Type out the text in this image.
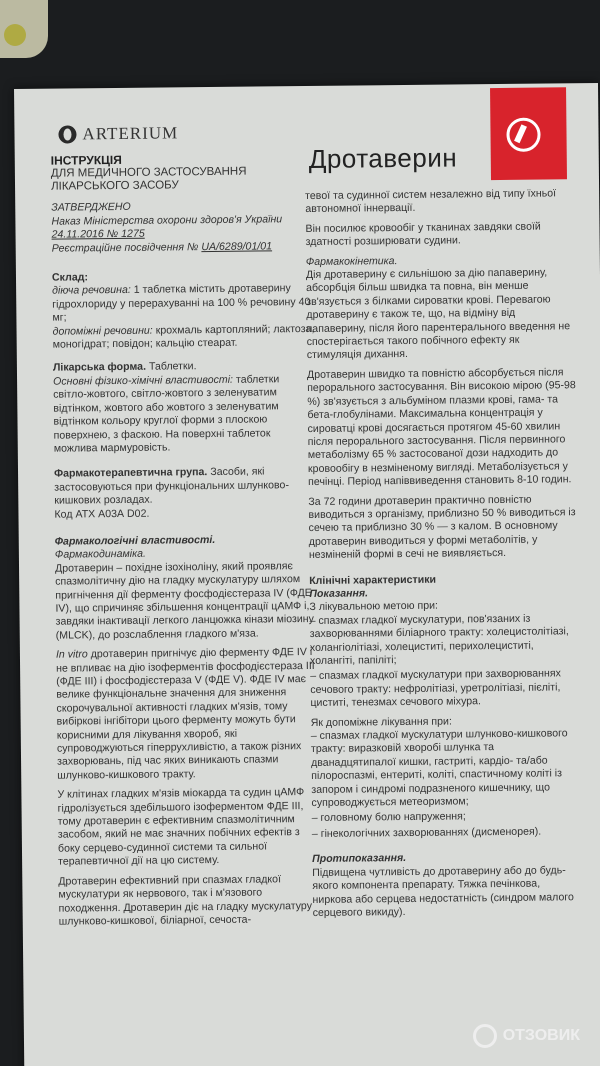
ARTERIUM
Дротаверин
ІНСТРУКЦІЯ
ДЛЯ МЕДИЧНОГО ЗАСТОСУВАННЯ
ЛІКАРСЬКОГО ЗАСОБУ
ЗАТВЕРДЖЕНО
Наказ Міністерства охорони здоров'я України
24.11.2016 № 1275
Реєстраційне посвідчення № UA/6289/01/01
Склад:

діюча речовина: 1 таблетка містить дротаверину гідрохлориду у перерахуванні на 100 % речовину 40 мг;
допоміжні речовини: крохмаль картопляний; лактоза, моногідрат; повідон; кальцію стеарат.

Лікарська форма. Таблетки.
Основні фізико-хімічні властивості: таблетки світло-жовтого, світло-жовтого з зеленуватим відтінком, жовтого або жовтого з зеленуватим відтінком кольору круглої форми з плоскою поверхнею, з фаскою. На поверхні таблеток можлива мармуровість.

Фармакотерапевтична група. Засоби, які застосовуються при функціональних шлунково-кишкових розладах.
Код АТХ А03А D02.

Фармакологічні властивості.
Фармакодинаміка.

Дротаверин – похідне ізохіноліну, який проявляє спазмолітичну дію на гладку мускулатуру шляхом пригнічення дії ферменту фосфодієстераза IV (ФДЕ IV), що спричиняє збільшення концентрації цАМФ і, завдяки інактивації легкого ланцюжка кінази міозину (MLCK), до розслаблення гладкого м'яза.

In vitro дротаверин пригнічує дію ферменту ФДЕ IV і не впливає на дію ізоферментів фосфодієстераза III (ФДЕ III) і фосфодієстераза V (ФДЕ V). ФДЕ IV має велике функціональне значення для зниження скорочувальної активності гладких м'язів, тому вибіркові інгібітори цього ферменту можуть бути корисними для лікування хвороб, які супроводжуються гіперрухливістю, а також різних захворювань, під час яких виникають спазми шлунково-кишкового тракту.

У клітинах гладких м'язів міокарда та судин цАМФ гідролізується здебільшого ізоферментом ФДЕ III, тому дротаверин є ефективним спазмолітичним засобом, який не має значних побічних ефектів з боку серцево-судинної системи та сильної терапевтичної дії на цю систему.

Дротаверин ефективний при спазмах гладкої мускулатури як нервового, так і м'язового походження. Дротаверин діє на гладку мускулатуру шлунково-кишкової, біліарної, сечоста-

тевої та судинної систем незалежно від типу їхньої автономної іннервації.

Він посилює кровообіг у тканинах завдяки своїй здатності розширювати судини.

Фармакокінетика.

Дія дротаверину є сильнішою за дію папаверину, абсорбція більш швидка та повна, він менше зв'язується з білками сироватки крові. Перевагою дротаверину є також те, що, на відміну від папаверину, після його парентерального введення не спостерігається такого побічного ефекту як стимуляція дихання.

Дротаверин швидко та повністю абсорбується після перорального застосування. Він високою мірою (95-98 %) зв'язується з альбуміном плазми крові, гама- та бета-глобулінами. Максимальна концентрація у сироватці крові досягається протягом 45-60 хвилин після перорального застосування. Після первинного метаболізму 65 % застосованої дози надходить до кровообігу в незміненому вигляді. Метаболізується у печінці. Період напіввиведення становить 8-10 годин.

За 72 години дротаверин практично повністю виводиться з організму, приблизно 50 % виводиться із сечею та приблизно 30 % — з калом. В основному дротаверин виводиться у формі метаболітів, у незміненій формі в сечі не виявляється.

Клінічні характеристики
Показання.
З лікувальною метою при:
– спазмах гладкої мускулатури, пов'язаних із захворюваннями біліарного тракту: холецистолітіазі, холангіолітіазі, холециститі, перихолециститі, холангіті, папіліті;
– спазмах гладкої мускулатури при захворюваннях сечового тракту: нефролітіазі, уретролітіазі, пієліті, циститі, тенезмах сечового міхура.
Як допоміжне лікування при:
– спазмах гладкої мускулатури шлунково-кишкового тракту: виразковій хворобі шлунка та дванадцятипалої кишки, гастриті, кардіо- та/або пілороспазмі, ентериті, коліті, спастичному коліті із запором і синдромі подразненого кишечнику, що супроводжується метеоризмом;
– головному болю напруження;
– гінекологічних захворюваннях (дисменорея).
Протипоказання.

Підвищена чутливість до дротаверину або до будь-якого компонента препарату. Тяжка печінкова, ниркова або серцева недостатність (синдром малого серцевого викиду).

ОТЗОВИК
